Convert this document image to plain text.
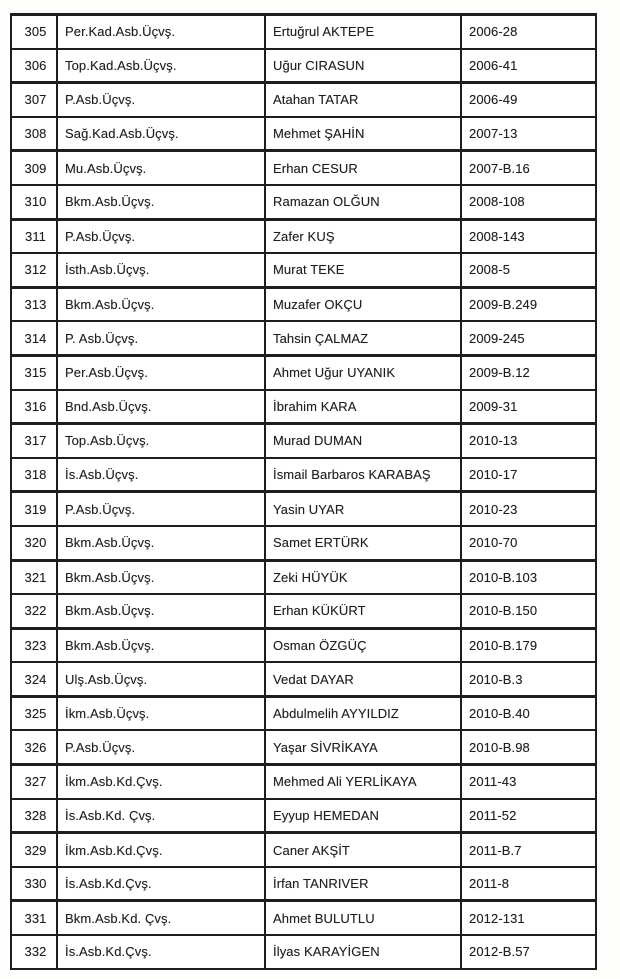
305	Per.Kad.Asb.Üçvş.	Ertuğrul AKTEPE	2006-28
306	Top.Kad.Asb.Üçvş.	Uğur CIRASUN	2006-41
307	P.Asb.Üçvş.	Atahan TATAR	2006-49
308	Sağ.Kad.Asb.Üçvş.	Mehmet ŞAHİN	2007-13
309	Mu.Asb.Üçvş.	Erhan CESUR	2007-B.16
310	Bkm.Asb.Üçvş.	Ramazan OLĞUN	2008-108
311	P.Asb.Üçvş.	Zafer KUŞ	2008-143
312	İsth.Asb.Üçvş.	Murat TEKE	2008-5
313	Bkm.Asb.Üçvş.	Muzafer OKÇU	2009-B.249
314	P. Asb.Üçvş.	Tahsin ÇALMAZ	2009-245
315	Per.Asb.Üçvş.	Ahmet Uğur UYANIK	2009-B.12
316	Bnd.Asb.Üçvş.	İbrahim KARA	2009-31
317	Top.Asb.Üçvş.	Murad DUMAN	2010-13
318	İs.Asb.Üçvş.	İsmail Barbaros KARABAŞ	2010-17
319	P.Asb.Üçvş.	Yasin UYAR	2010-23
320	Bkm.Asb.Üçvş.	Samet ERTÜRK	2010-70
321	Bkm.Asb.Üçvş.	Zeki HÜYÜK	2010-B.103
322	Bkm.Asb.Üçvş.	Erhan KÜKÜRT	2010-B.150
323	Bkm.Asb.Üçvş.	Osman ÖZGÜÇ	2010-B.179
324	Ulş.Asb.Üçvş.	Vedat DAYAR	2010-B.3
325	İkm.Asb.Üçvş.	Abdulmelih AYYILDIZ	2010-B.40
326	P.Asb.Üçvş.	Yaşar SİVRİKAYA	2010-B.98
327	İkm.Asb.Kd.Çvş.	Mehmed Ali YERLİKAYA	2011-43
328	İs.Asb.Kd. Çvş.	Eyyup HEMEDAN	2011-52
329	İkm.Asb.Kd.Çvş.	Caner AKŞİT	2011-B.7
330	İs.Asb.Kd.Çvş.	İrfan TANRIVER	2011-8
331	Bkm.Asb.Kd. Çvş.	Ahmet BULUTLU	2012-131
332	İs.Asb.Kd.Çvş.	İlyas KARAYİGEN	2012-B.57
